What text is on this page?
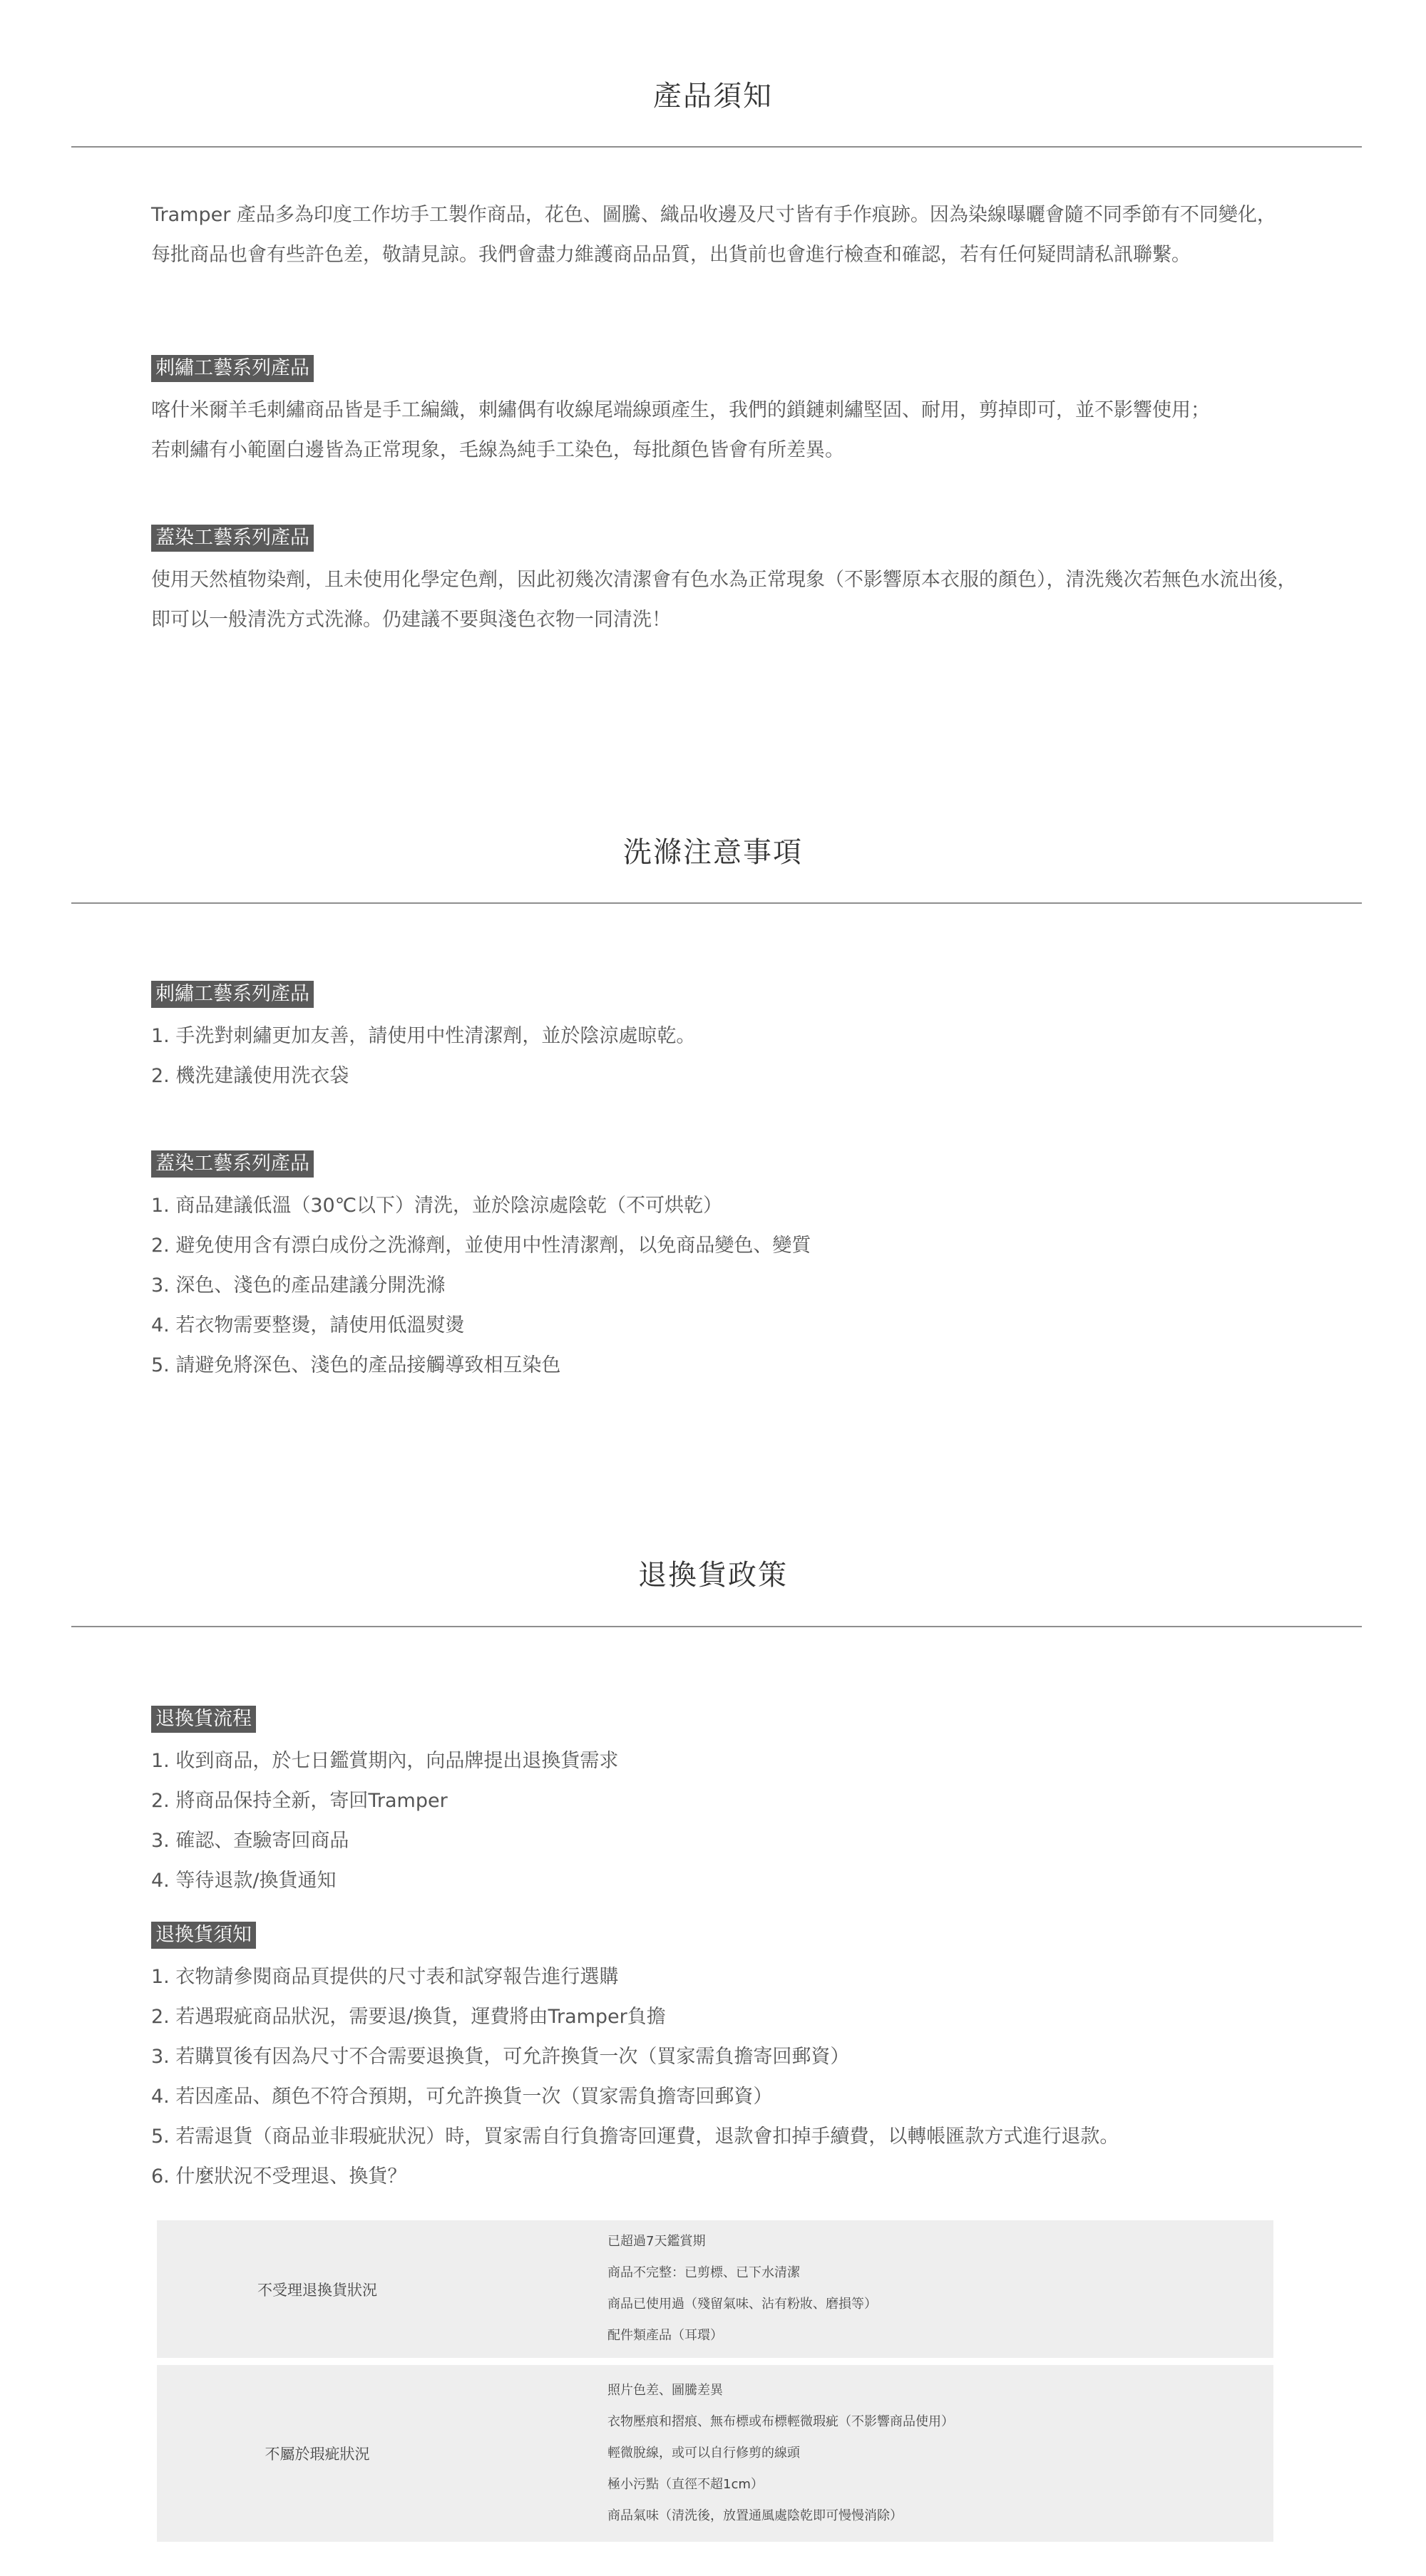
產品須知

Tramper 產品多為印度工作坊手工製作商品，花色、圖騰、織品收邊及尺寸皆有手作痕跡。因為染線曝曬會隨不同季節有不同變化，

每批商品也會有些許色差，敬請見諒。我們會盡力維護商品品質，出貨前也會進行檢查和確認，若有任何疑問請私訊聯繫。

刺繡工藝系列產品

喀什米爾羊毛刺繡商品皆是手工編織，刺繡偶有收線尾端線頭產生，我們的鎖鏈刺繡堅固、耐用，剪掉即可，並不影響使用；

若刺繡有小範圍白邊皆為正常現象，毛線為純手工染色，每批顏色皆會有所差異。

蓋染工藝系列產品

使用天然植物染劑，且未使用化學定色劑，因此初幾次清潔會有色水為正常現象（不影響原本衣服的顏色），清洗幾次若無色水流出後，

即可以一般清洗方式洗滌。仍建議不要與淺色衣物一同清洗！

洗滌注意事項
刺繡工藝系列產品
1. 手洗對刺繡更加友善，請使用中性清潔劑，並於陰涼處晾乾。
2. 機洗建議使用洗衣袋
蓋染工藝系列產品
1. 商品建議低溫（30℃以下）清洗，並於陰涼處陰乾（不可烘乾）
2. 避免使用含有漂白成份之洗滌劑，並使用中性清潔劑，以免商品變色、變質
3. 深色、淺色的產品建議分開洗滌
4. 若衣物需要整燙，請使用低溫熨燙
5. 請避免將深色、淺色的產品接觸導致相互染色
退換貨政策
退換貨流程
1. 收到商品，於七日鑑賞期內，向品牌提出退換貨需求
2. 將商品保持全新，寄回Tramper
3. 確認、查驗寄回商品
4. 等待退款/換貨通知
退換貨須知
1. 衣物請參閱商品頁提供的尺寸表和試穿報告進行選購
2. 若遇瑕疵商品狀況，需要退/換貨，運費將由Tramper負擔
3. 若購買後有因為尺寸不合需要退換貨，可允許換貨一次（買家需負擔寄回郵資）
4. 若因產品、顏色不符合預期，可允許換貨一次（買家需負擔寄回郵資）
5. 若需退貨（商品並非瑕疵狀況）時，買家需自行負擔寄回運費，退款會扣掉手續費，以轉帳匯款方式進行退款。
6. 什麼狀況不受理退、換貨？
不受理退換貨狀況
已超過7天鑑賞期
商品不完整：已剪標、已下水清潔
商品已使用過（殘留氣味、沾有粉妝、磨損等）
配件類產品（耳環）
不屬於瑕疵狀況
照片色差、圖騰差異
衣物壓痕和摺痕、無布標或布標輕微瑕疵（不影響商品使用）
輕微脫線，或可以自行修剪的線頭
極小污點（直徑不超1cm）
商品氣味（清洗後，放置通風處陰乾即可慢慢消除）
